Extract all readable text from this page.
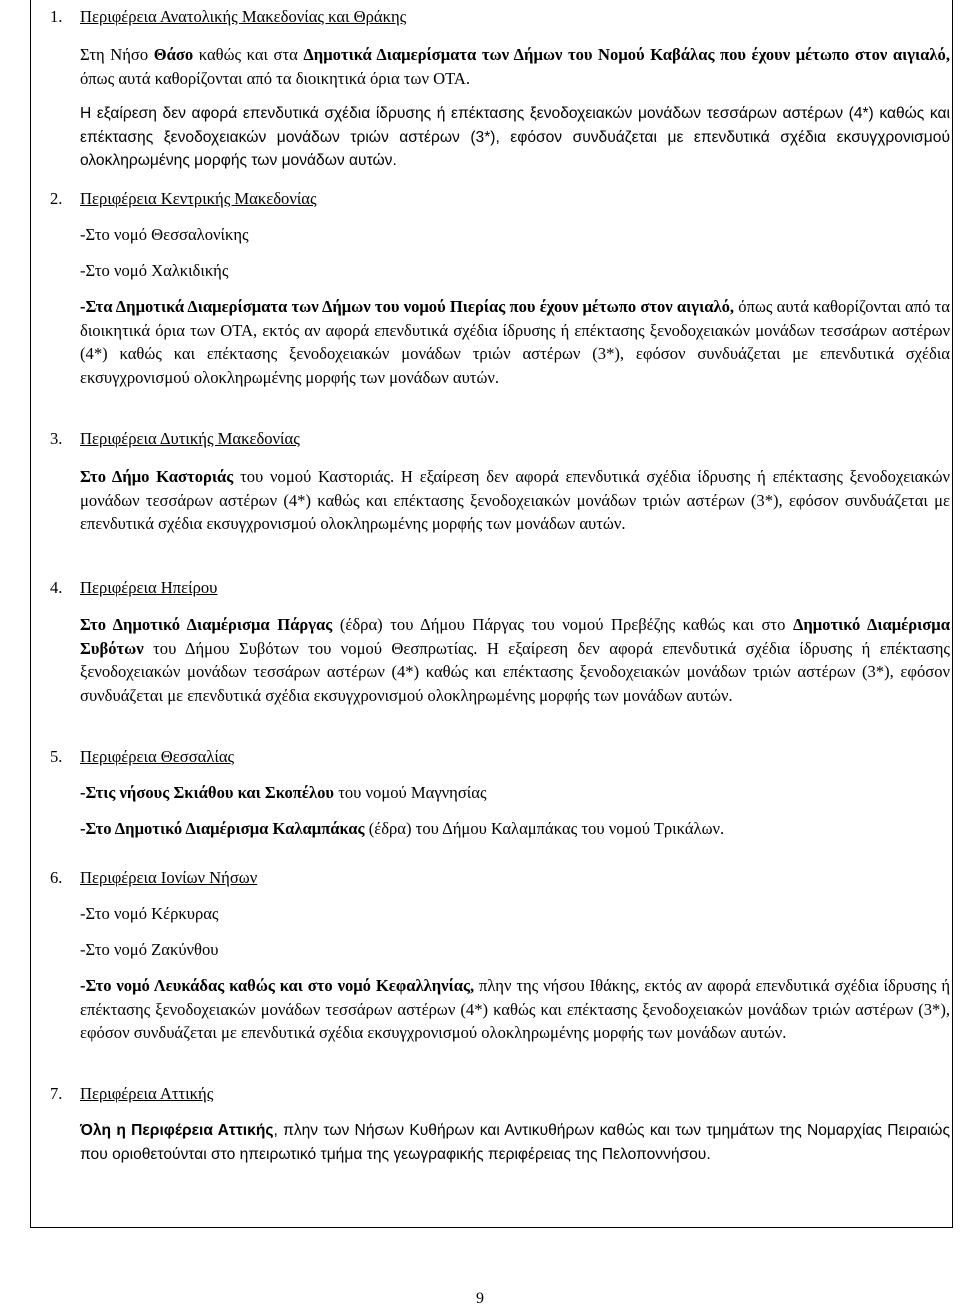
1. Περιφέρεια Ανατολικής Μακεδονίας και Θράκης
Στη Νήσο Θάσο καθώς και στα Δημοτικά Διαμερίσματα των Δήμων του Νομού Καβάλας που έχουν μέτωπο στον αιγιαλό, όπως αυτά καθορίζονται από τα διοικητικά όρια των ΟΤΑ.
Η εξαίρεση δεν αφορά επενδυτικά σχέδια ίδρυσης ή επέκτασης ξενοδοχειακών μονάδων τεσσάρων αστέρων (4*) καθώς και επέκτασης ξενοδοχειακών μονάδων τριών αστέρων (3*), εφόσον συνδυάζεται με επενδυτικά σχέδια εκσυγχρονισμού ολοκληρωμένης μορφής των μονάδων αυτών.
2. Περιφέρεια Κεντρικής Μακεδονίας
-Στο νομό Θεσσαλονίκης
-Στο νομό Χαλκιδικής
-Στα Δημοτικά Διαμερίσματα των Δήμων του νομού Πιερίας που έχουν μέτωπο στον αιγιαλό, όπως αυτά καθορίζονται από τα διοικητικά όρια των ΟΤΑ, εκτός αν αφορά επενδυτικά σχέδια ίδρυσης ή επέκτασης ξενοδοχειακών μονάδων τεσσάρων αστέρων (4*) καθώς και επέκτασης ξενοδοχειακών μονάδων τριών αστέρων (3*), εφόσον συνδυάζεται με επενδυτικά σχέδια εκσυγχρονισμού ολοκληρωμένης μορφής των μονάδων αυτών.
3. Περιφέρεια Δυτικής Μακεδονίας
Στο Δήμο Καστοριάς του νομού Καστοριάς. Η εξαίρεση δεν αφορά επενδυτικά σχέδια ίδρυσης ή επέκτασης ξενοδοχειακών μονάδων τεσσάρων αστέρων (4*) καθώς και επέκτασης ξενοδοχειακών μονάδων τριών αστέρων (3*), εφόσον συνδυάζεται με επενδυτικά σχέδια εκσυγχρονισμού ολοκληρωμένης μορφής των μονάδων αυτών.
4. Περιφέρεια Ηπείρου
Στο Δημοτικό Διαμέρισμα Πάργας (έδρα) του Δήμου Πάργας του νομού Πρεβέζης καθώς και στο Δημοτικό Διαμέρισμα Συβότων του Δήμου Συβότων του νομού Θεσπρωτίας. Η εξαίρεση δεν αφορά επενδυτικά σχέδια ίδρυσης ή επέκτασης ξενοδοχειακών μονάδων τεσσάρων αστέρων (4*) καθώς και επέκτασης ξενοδοχειακών μονάδων τριών αστέρων (3*), εφόσον συνδυάζεται με επενδυτικά σχέδια εκσυγχρονισμού ολοκληρωμένης μορφής των μονάδων αυτών.
5. Περιφέρεια Θεσσαλίας
-Στις νήσους Σκιάθου και Σκοπέλου του νομού Μαγνησίας
-Στο Δημοτικό Διαμέρισμα Καλαμπάκας (έδρα) του Δήμου Καλαμπάκας του νομού Τρικάλων.
6. Περιφέρεια Ιονίων Νήσων
-Στο νομό Κέρκυρας
-Στο νομό Ζακύνθου
-Στο νομό Λευκάδας καθώς και στο νομό Κεφαλληνίας, πλην της νήσου Ιθάκης, εκτός αν αφορά επενδυτικά σχέδια ίδρυσης ή επέκτασης ξενοδοχειακών μονάδων τεσσάρων αστέρων (4*) καθώς και επέκτασης ξενοδοχειακών μονάδων τριών αστέρων (3*), εφόσον συνδυάζεται με επενδυτικά σχέδια εκσυγχρονισμού ολοκληρωμένης μορφής των μονάδων αυτών.
7. Περιφέρεια Αττικής
Όλη η Περιφέρεια Αττικής, πλην των Νήσων Κυθήρων και Αντικυθήρων καθώς και των τμημάτων της Νομαρχίας Πειραιώς που οριοθετούνται στο ηπειρωτικό τμήμα της γεωγραφικής περιφέρειας της Πελοποννήσου.
9
